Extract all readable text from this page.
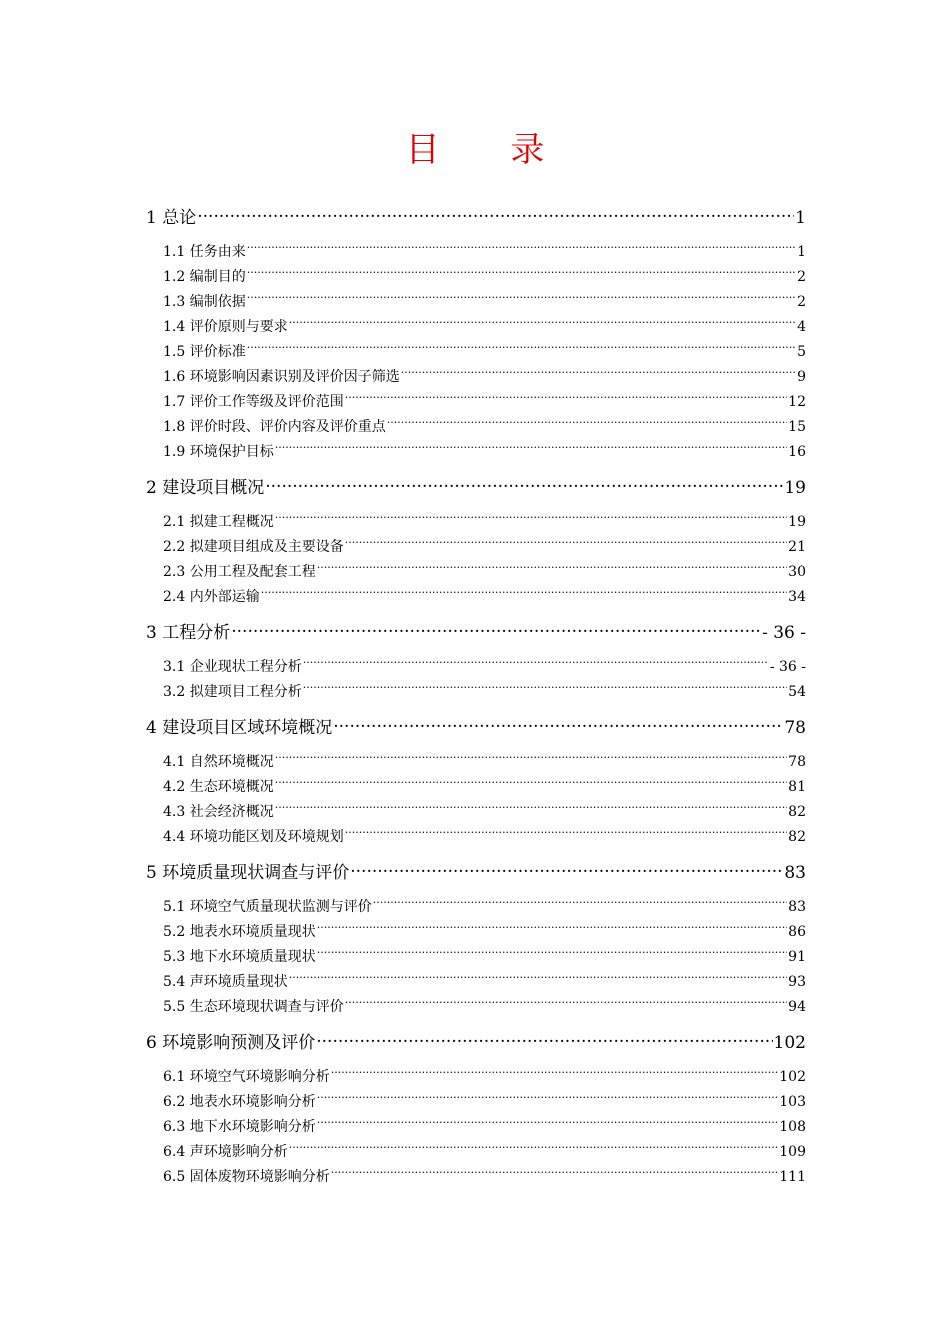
目 录
1 总论 .....	1
1.1 任务由来 .....	1
1.2 编制目的 .....	2
1.3 编制依据 .....	2
1.4 评价原则与要求 .....	4
1.5 评价标准 .....	5
1.6 环境影响因素识别及评价因子筛选 .....	9
1.7 评价工作等级及评价范围 .....	12
1.8 评价时段、评价内容及评价重点 .....	15
1.9 环境保护目标 .....	16
2 建设项目概况 .....	19
2.1 拟建工程概况 .....	19
2.2 拟建项目组成及主要设备 .....	21
2.3 公用工程及配套工程 .....	30
2.4 内外部运输 .....	34
3 工程分析 .....	- 36 -
3.1 企业现状工程分析 .....	- 36 -
3.2 拟建项目工程分析 .....	54
4 建设项目区域环境概况 .....	78
4.1 自然环境概况 .....	78
4.2 生态环境概况 .....	81
4.3 社会经济概况 .....	82
4.4 环境功能区划及环境规划 .....	82
5 环境质量现状调查与评价 .....	83
5.1 环境空气质量现状监测与评价 .....	83
5.2 地表水环境质量现状 .....	86
5.3 地下水环境质量现状 .....	91
5.4 声环境质量现状 .....	93
5.5 生态环境现状调查与评价 .....	94
6 环境影响预测及评价 .....	102
6.1 环境空气环境影响分析 .....	102
6.2 地表水环境影响分析 .....	103
6.3 地下水环境影响分析 .....	108
6.4 声环境影响分析 .....	109
6.5 固体废物环境影响分析 .....	111
